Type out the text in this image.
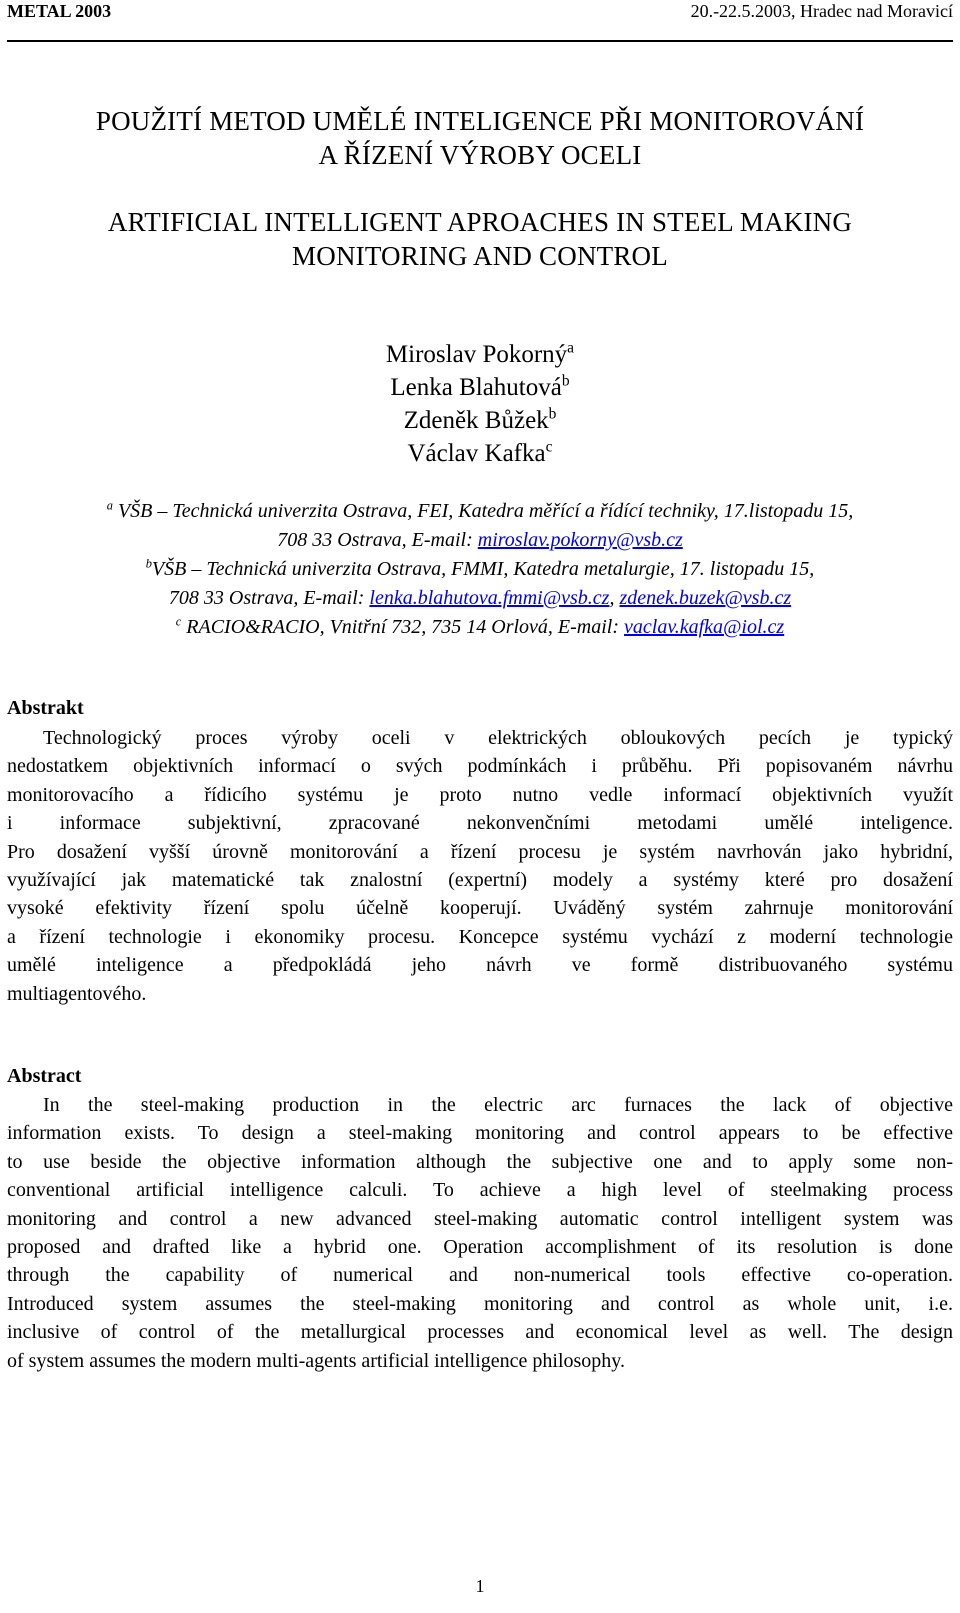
METAL 2003	20.-22.5.2003, Hradec nad Moravicí
POUŽITÍ METOD UMĚLÉ INTELIGENCE PŘI MONITOROVÁNÍ
A ŘÍZENÍ VÝROBY OCELI
ARTIFICIAL INTELLIGENT APROACHES IN STEEL MAKING
MONITORING AND CONTROL
Miroslav Pokorný$^a$
Lenka Blahutová$^b$
Zdeněk Bůžek$^b$
Václav Kafka$^c$
$^a$ VŠB – Technická univerzita Ostrava, FEI, Katedra měřící a řídící techniky, 17.listopadu 15,
708 33 Ostrava, E-mail: miroslav.pokorny@vsb.cz
$^b$VŠB – Technická univerzita Ostrava, FMMI, Katedra metalurgie, 17. listopadu 15,
708 33 Ostrava, E-mail: lenka.blahutova.fmmi@vsb.cz, zdenek.buzek@vsb.cz
$^c$ RACIO&RACIO, Vnitřní 732, 735 14 Orlová, E-mail: vaclav.kafka@iol.cz
Abstrakt
Technologický proces výroby oceli v elektrických obloukových pecích je typický
nedostatkem objektivních informací o svých podmínkách i průběhu. Při popisovaném návrhu
monitorovacího a řídicího systému je proto nutno vedle informací objektivních využít
i informace subjektivní, zpracované nekonvenčními metodami umělé inteligence.
Pro dosažení vyšší úrovně monitorování a řízení procesu je systém navrhován jako hybridní,
využívající jak matematické tak znalostní (expertní) modely a systémy které pro dosažení
vysoké efektivity řízení spolu účelně kooperují. Uváděný systém zahrnuje monitorování
a řízení technologie i ekonomiky procesu. Koncepce systému vychází z moderní technologie
umělé inteligence a předpokládá jeho návrh ve formě distribuovaného systému
multiagentového.
Abstract
In the steel-making production in the electric arc furnaces the lack of objective
information exists. To design a steel-making monitoring and control appears to be effective
to use beside the objective information although the subjective one and to apply some non-
conventional artificial intelligence calculi. To achieve a high level of steelmaking process
monitoring and control a new advanced steel-making automatic control intelligent system was
proposed and drafted like a hybrid one. Operation accomplishment of its resolution is done
through the capability of numerical and non-numerical tools effective co-operation.
Introduced system assumes the steel-making monitoring and control as whole unit, i.e.
inclusive of control of the metallurgical processes and economical level as well. The design
of system assumes the modern multi-agents artificial intelligence philosophy.
1
